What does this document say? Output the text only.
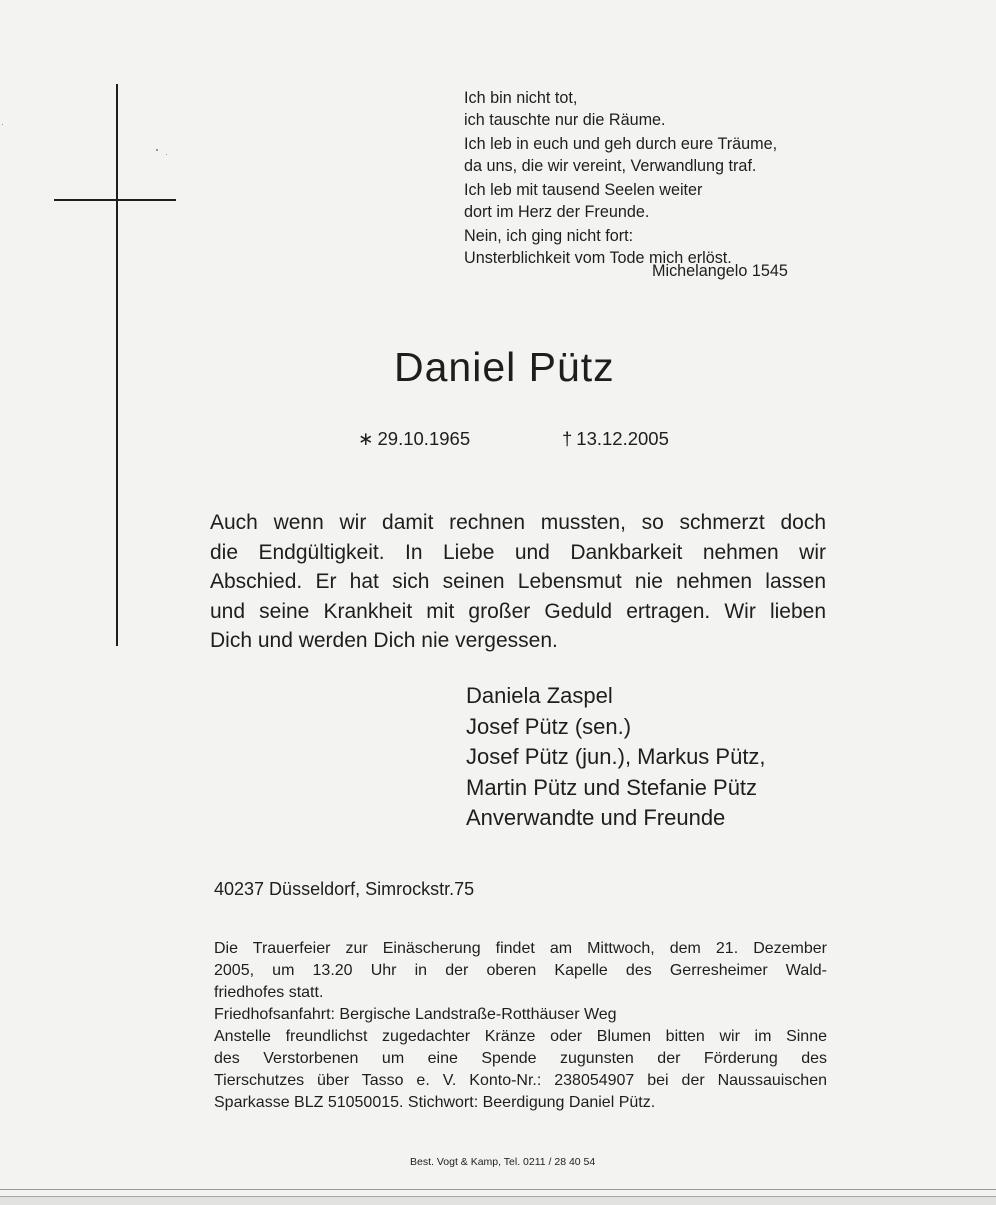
Ich bin nicht tot,
ich tauschte nur die Räume.
Ich leb in euch und geh durch eure Träume,
da uns, die wir vereint, Verwandlung traf.
Ich leb mit tausend Seelen weiter
dort im Herz der Freunde.
Nein, ich ging nicht fort:
Unsterblichkeit vom Tode mich erlöst.
Michelangelo 1545
Daniel Pütz
∗ 29.10.1965	† 13.12.2005
Auch wenn wir damit rechnen mussten, so schmerzt doch
die Endgültigkeit. In Liebe und Dankbarkeit nehmen wir
Abschied. Er hat sich seinen Lebensmut nie nehmen lassen
und seine Krankheit mit großer Geduld ertragen. Wir lieben
Dich und werden Dich nie vergessen.
Daniela Zaspel
Josef Pütz (sen.)
Josef Pütz (jun.), Markus Pütz,
Martin Pütz und Stefanie Pütz
Anverwandte und Freunde
40237 Düsseldorf, Simrockstr.75
Die Trauerfeier zur Einäscherung findet am Mittwoch, dem 21. Dezember
2005, um 13.20 Uhr in der oberen Kapelle des Gerresheimer Wald-
friedhofes statt.
Friedhofsanfahrt: Bergische Landstraße-Rotthäuser Weg
Anstelle freundlichst zugedachter Kränze oder Blumen bitten wir im Sinne
des Verstorbenen um eine Spende zugunsten der Förderung des
Tierschutzes über Tasso e. V. Konto-Nr.: 238054907 bei der Naussauischen
Sparkasse BLZ 51050015. Stichwort: Beerdigung Daniel Pütz.
Best. Vogt & Kamp, Tel. 0211 / 28 40 54
